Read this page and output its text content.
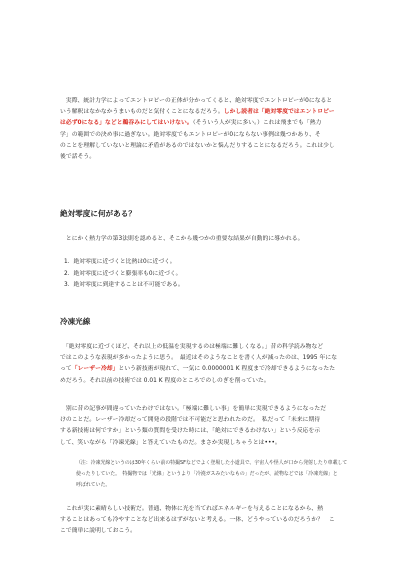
　実際、統計力学によってエントロピーの正体が分かってくると、絶対零度でエントロピーが0になると
いう解釈はなかなかうまいものだと気付くことになるだろう。しかし読者は「絶対零度ではエントロピー
は必ず0になる」などと鵜吞みにしてはいけない。（そういう人が実に多い。）これは飛までも「熱力
学」の範囲での決め事に過ぎない。絶対零度でもエントロピーが0にならない事例は幾つかあり、そ
のことを理解していないと理論に矛盾があるのではないかと悩んだりすることになるだろう。これは少し
後で話そう。

絶対零度に何がある？

　とにかく熱力学の第3法則を認めると、そこから幾つかの重要な結果が自動的に導かれる。

1．絶対零度に近づくと比熱は0に近づく。
2．絶対零度に近づくと膨張率も0に近づく。
3．絶対零度に到達することは不可能である。
冷凍光線

　「絶対零度に近づくほど、それ以上の低温を実現するのは極端に難しくなる。」昔の科学読み物など
ではこのような表現が多かったように思う。　最近はそのようなことを書く人が減ったのは、1995 年にな
って「レーザー冷却」という新技術が現れて、一気に 0.0000001 K 程度まで冷却できるようになったた
めだろう。それ以前の技術では 0.01 K 程度のところでのしのぎを削っていた。

　別に昔の記事が間違っていたわけではない。「極端に難しい事」を簡単に実現できるようになっただ
けのことだ。レーザー冷却だって開発の段階では不可能だと思われたのだ。　私だって「未来に期待
する新技術は何ですか」という類の質問を受けた時には、「絶対にできるわけない」という反応を示
して、笑いながら「冷凍光線」と答えていたものだ。まさか実現しちゃうとは•••。

（注：冷凍光線というのは30年くらい前の特撮SFなどでよく登場した小道具で、宇宙人や怪人が口から発射したり車載して
使ったりしていた。　特撮物では「光線」というより「冷澆ガスみたいなもの」だったが、読物などでは「冷凍光線」と
呼ばれていた。

　これが実に素晴らしい技術だ。普通、物体に光を当てればエネルギーを与えることになるから、熱
することはあっても冷やすことなど出来るはずがないと考える。一体、どうやっているのだろうか？　こ
こで簡単に説明しておこう。
